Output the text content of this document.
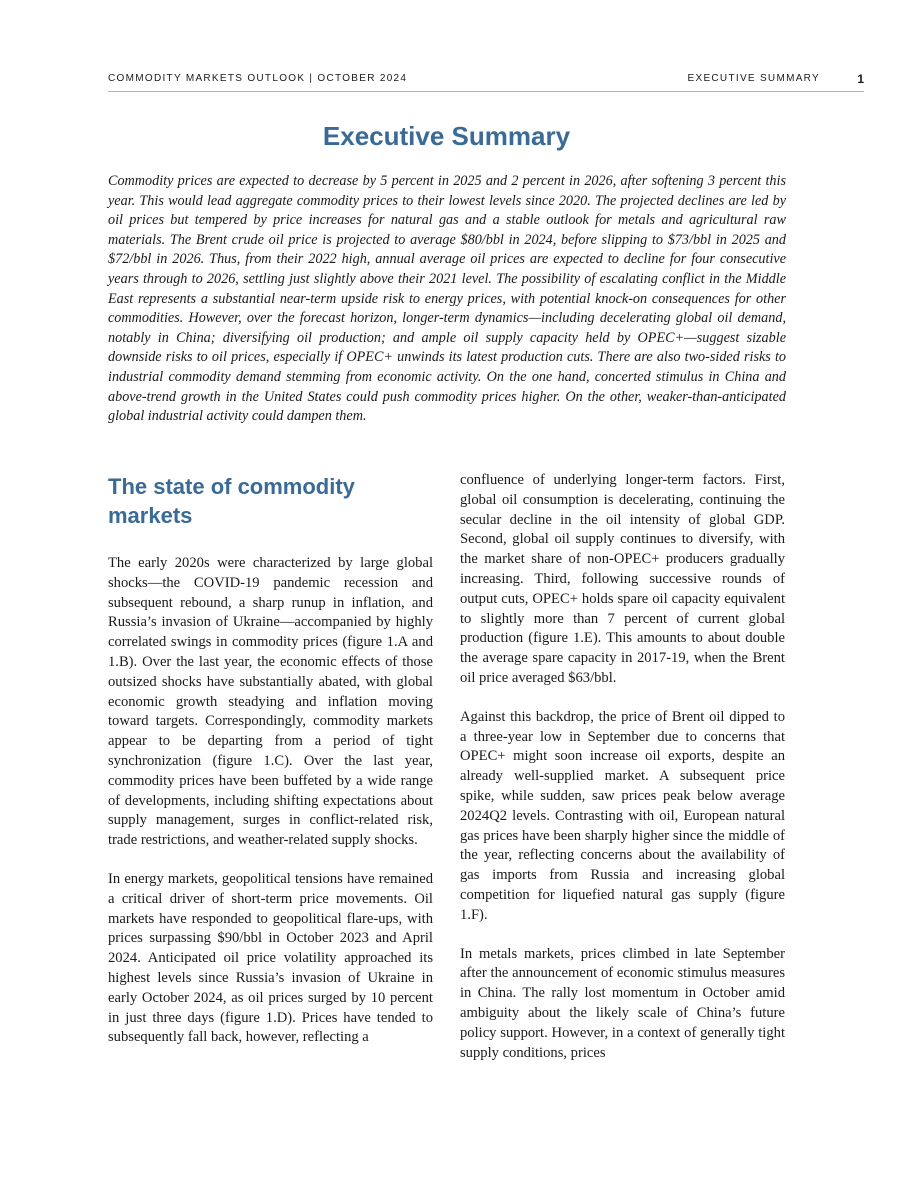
COMMODITY MARKETS OUTLOOK | OCTOBER 2024	EXECUTIVE SUMMARY	1
Executive Summary

Commodity prices are expected to decrease by 5 percent in 2025 and 2 percent in 2026, after softening 3 percent this year. This would lead aggregate commodity prices to their lowest levels since 2020. The projected declines are led by oil prices but tempered by price increases for natural gas and a stable outlook for metals and agricultural raw materials. The Brent crude oil price is projected to average $80/bbl in 2024, before slipping to $73/bbl in 2025 and $72/bbl in 2026. Thus, from their 2022 high, annual average oil prices are expected to decline for four consecutive years through to 2026, settling just slightly above their 2021 level. The possibility of escalating conflict in the Middle East represents a substantial near-term upside risk to energy prices, with potential knock-on consequences for other commodities. However, over the forecast horizon, longer-term dynamics—including decelerating global oil demand, notably in China; diversifying oil production; and ample oil supply capacity held by OPEC+—suggest sizable downside risks to oil prices, especially if OPEC+ unwinds its latest production cuts. There are also two-sided risks to industrial commodity demand stemming from economic activity. On the one hand, concerted stimulus in China and above-trend growth in the United States could push commodity prices higher. On the other, weaker-than-anticipated global industrial activity could dampen them.

The state of commodity markets

The early 2020s were characterized by large global shocks—the COVID-19 pandemic recession and subsequent rebound, a sharp runup in inflation, and Russia’s invasion of Ukraine—accompanied by highly correlated swings in commodity prices (figure 1.A and 1.B). Over the last year, the economic effects of those outsized shocks have substantially abated, with global economic growth steadying and inflation moving toward targets. Correspondingly, commodity markets appear to be departing from a period of tight synchronization (figure 1.C). Over the last year, commodity prices have been buffeted by a wide range of developments, including shifting expectations about supply management, surges in conflict-related risk, trade restrictions, and weather-related supply shocks.

In energy markets, geopolitical tensions have remained a critical driver of short-term price movements. Oil markets have responded to geopolitical flare-ups, with prices surpassing $90/bbl in October 2023 and April 2024. Anticipated oil price volatility approached its highest levels since Russia’s invasion of Ukraine in early October 2024, as oil prices surged by 10 percent in just three days (figure 1.D). Prices have tended to subsequently fall back, however, reflecting a

confluence of underlying longer-term factors. First, global oil consumption is decelerating, continuing the secular decline in the oil intensity of global GDP. Second, global oil supply continues to diversify, with the market share of non-OPEC+ producers gradually increasing. Third, following successive rounds of output cuts, OPEC+ holds spare oil capacity equivalent to slightly more than 7 percent of current global production (figure 1.E). This amounts to about double the average spare capacity in 2017-19, when the Brent oil price averaged $63/bbl.

Against this backdrop, the price of Brent oil dipped to a three-year low in September due to concerns that OPEC+ might soon increase oil exports, despite an already well-supplied market. A subsequent price spike, while sudden, saw prices peak below average 2024Q2 levels. Contrasting with oil, European natural gas prices have been sharply higher since the middle of the year, reflecting concerns about the availability of gas imports from Russia and increasing global competition for liquefied natural gas supply (figure 1.F).

In metals markets, prices climbed in late September after the announcement of economic stimulus measures in China. The rally lost momentum in October amid ambiguity about the likely scale of China’s future policy support. However, in a context of generally tight supply conditions, prices
